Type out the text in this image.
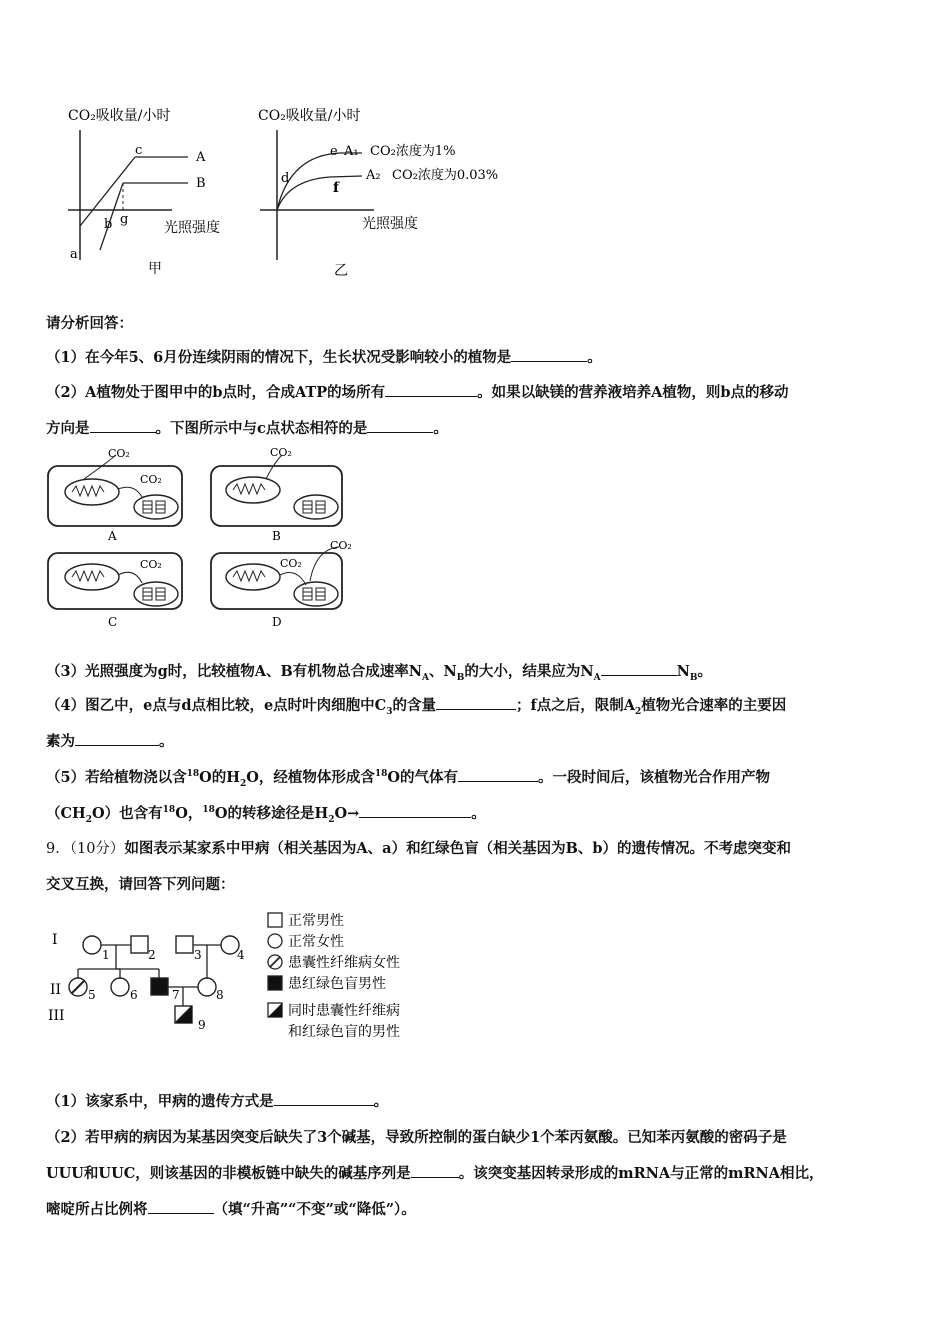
CO₂吸收量/小时
a
b
c
g
A
B
光照强度
甲
CO₂吸收量/小时
d
e
f
A₁ CO₂浓度为1%
A₂ CO₂浓度为0.03%
光照强度
乙
请分析回答：
（1）在今年5、6月份连续阴雨的情况下，生长状况受影响较小的植物是	。
（2）A植物处于图甲中的b点时，合成ATP的场所有	。如果以缺镁的营养液培养A植物，则b点的移动
方向是	。下图所示中与c点状态相符的是	。
CO₂
CO₂
A
CO₂
B
CO₂
C
CO₂
CO₂
D
（3）光照强度为g时，比较植物A、B有机物总合成速率$N_A$、$N_B$的大小，结果应为$N_A$	$N_B$。
（4）图乙中，e点与d点相比较，e点时叶肉细胞中$C_3$的含量	；f点之后，限制$A_2$植物光合速率的主要因
素为	。
（5）若给植物浇以含$^{18}$O的$H_2O$，经植物体形成含$^{18}$O的气体有	。一段时间后，该植物光合作用产物
$(CH_2O)$也含有$^{18}$O，$^{18}$O的转移途径是$H_2O\to$	。
9．（10分）如图表示某家系中甲病（相关基因为A、a）和红绿色盲（相关基因为B、b）的遗传情况。不考虑突变和
交叉互换，请回答下列问题：
I
II
III
1	2	3	4
5	6	7	8
9
正常男性
正常女性
患囊性纤维病女性
患红绿色盲男性
同时患囊性纤维病
和红绿色盲的男性
（1）该家系中，甲病的遗传方式是	。
（2）若甲病的病因为某基因突变后缺失了3个碱基，导致所控制的蛋白缺少1个苯丙氨酸。已知苯丙氨酸的密码子是
UUU和UUC，则该基因的非模板链中缺失的碱基序列是	。该突变基因转录形成的mRNA与正常的mRNA相比，
嘧啶所占比例将	（填“升高”“不变”或“降低”）。
